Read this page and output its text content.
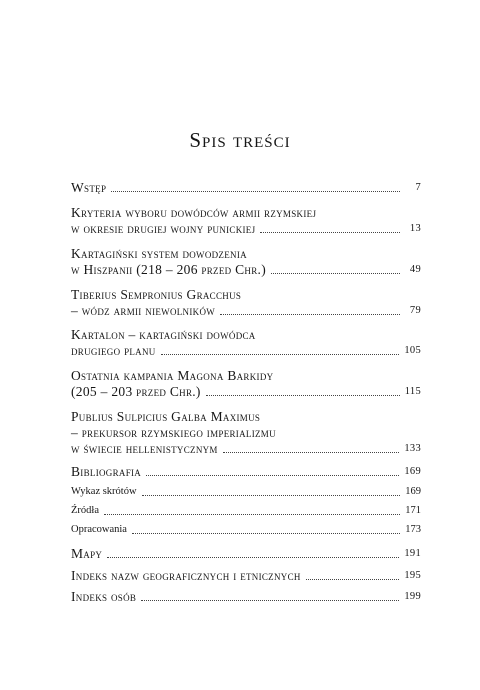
Spis treści
Wstęp	7
Kryteria wyboru dowódców armii rzymskiej
w okresie drugiej wojny punickiej	13
Kartagiński system dowodzenia
w Hiszpanii (218 – 206 przed Chr.)	49
Tiberius Sempronius Gracchus
– wódz armii niewolników	79
Kartalon – kartagiński dowódca
drugiego planu	105
Ostatnia kampania Magona Barkidy
(205 – 203 przed Chr.)	115
Publius Sulpicius Galba Maximus
– prekursor rzymskiego imperializmu
w świecie hellenistycznym	133
Bibliografia	169
Wykaz skrótów	169
Źródła	171
Opracowania	173
Mapy	191
Indeks nazw geograficznych i etnicznych	195
Indeks osób	199
